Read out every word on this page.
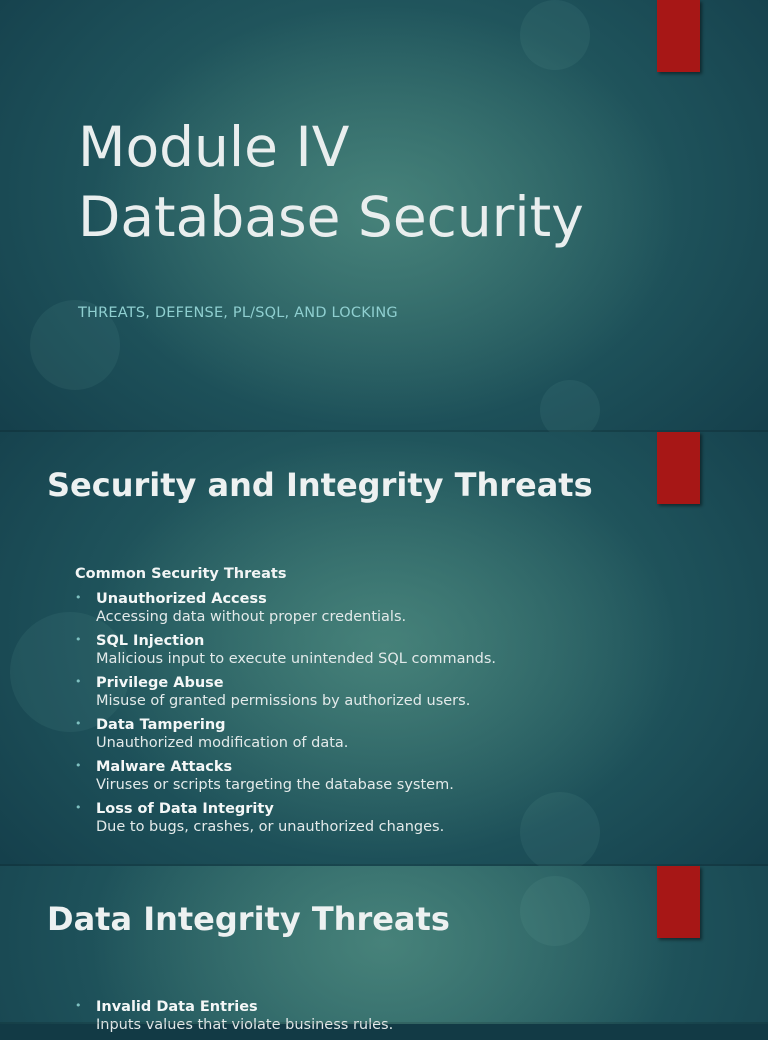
Module IV
Database Security

THREATS, DEFENSE, PL/SQL, AND LOCKING

Security and Integrity Threats

Common Security Threats

• Unauthorized Access
Accessing data without proper credentials.
• SQL Injection
Malicious input to execute unintended SQL commands.
• Privilege Abuse
Misuse of granted permissions by authorized users.
• Data Tampering
Unauthorized modification of data.
• Malware Attacks
Viruses or scripts targeting the database system.
• Loss of Data Integrity
Due to bugs, crashes, or unauthorized changes.
Data Integrity Threats
• Invalid Data Entries
Inputs values that violate business rules.
